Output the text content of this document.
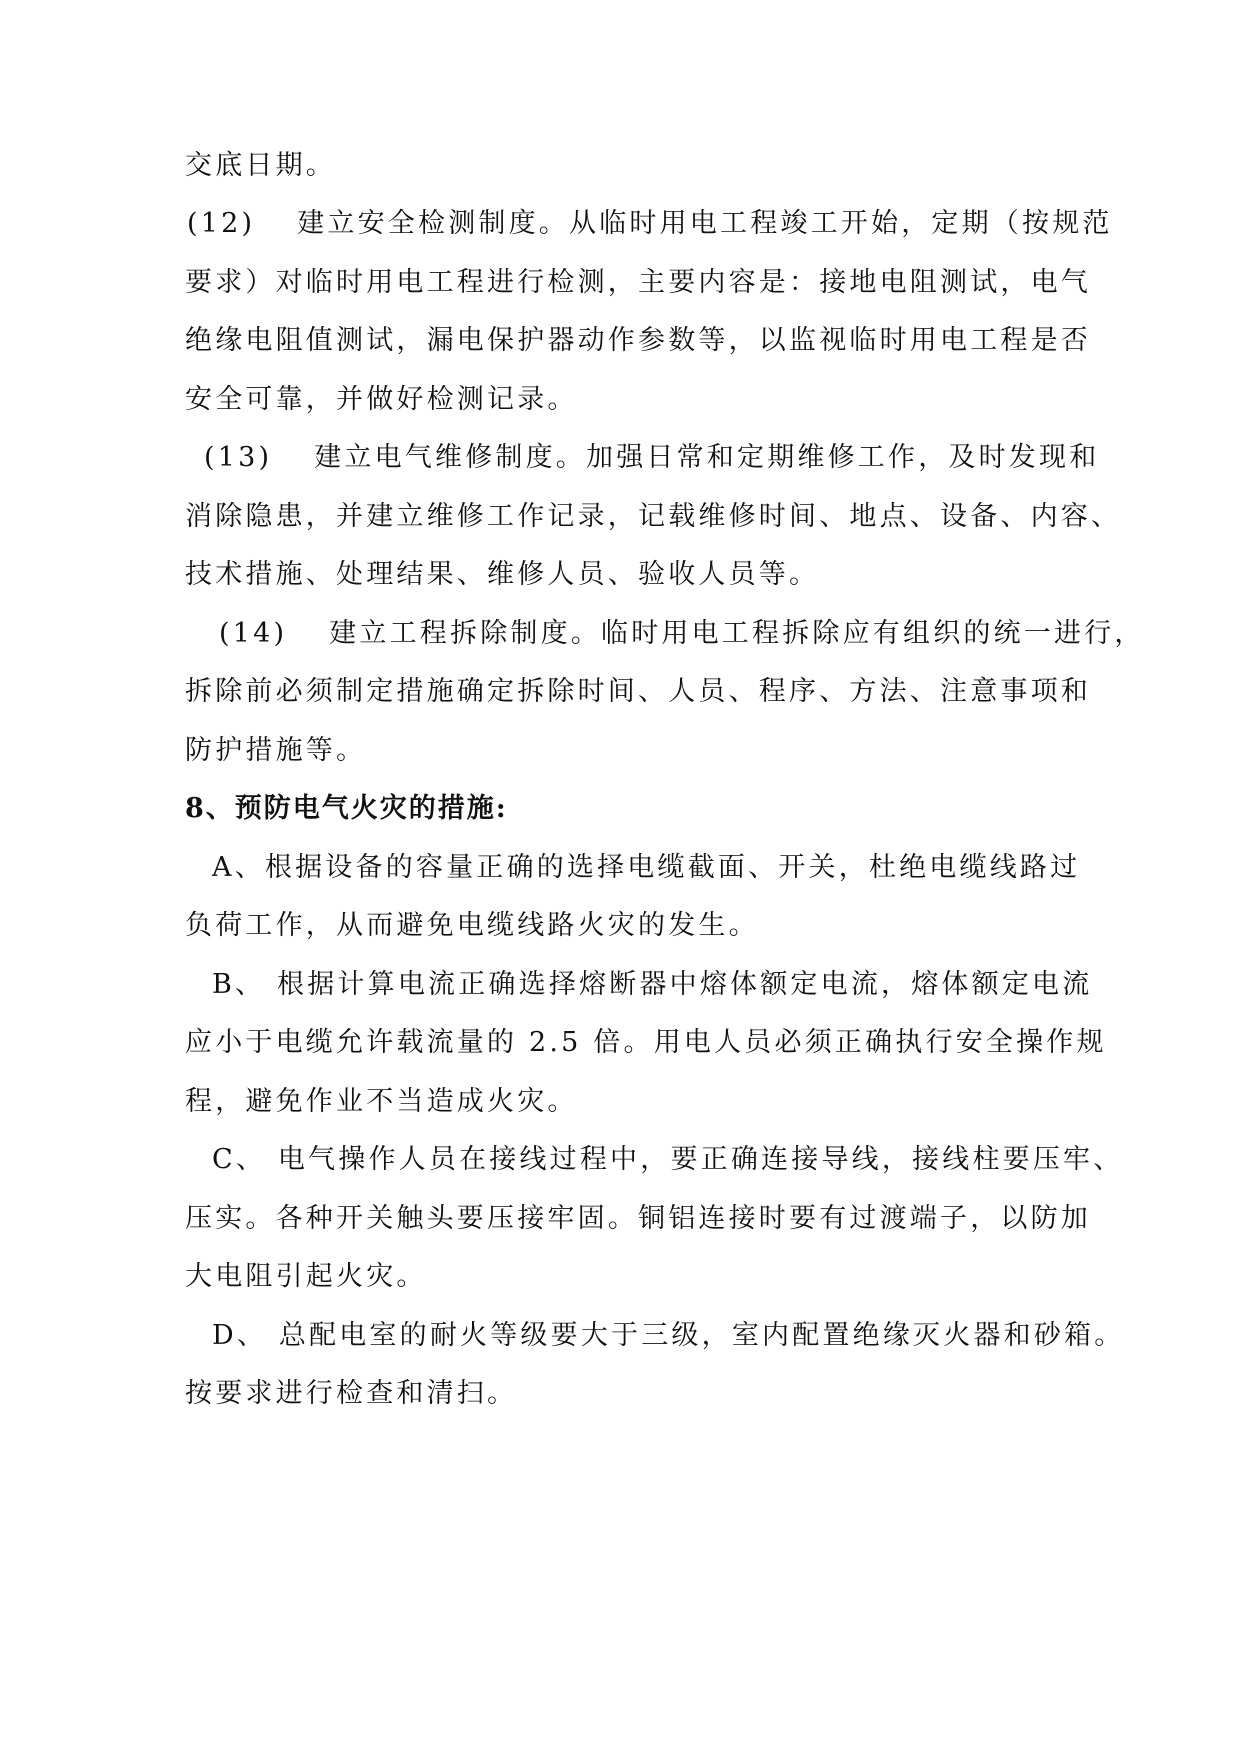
交底日期。
(12)　 建立安全检测制度。从临时用电工程竣工开始，定期（按规范
要求）对临时用电工程进行检测，主要内容是：接地电阻测试，电气
绝缘电阻值测试，漏电保护器动作参数等，以监视临时用电工程是否
安全可靠，并做好检测记录。
(13)　 建立电气维修制度。加强日常和定期维修工作，及时发现和
消除隐患，并建立维修工作记录，记载维修时间、地点、设备、内容、
技术措施、处理结果、维修人员、验收人员等。
(14)　 建立工程拆除制度。临时用电工程拆除应有组织的统一进行，
拆除前必须制定措施确定拆除时间、人员、程序、方法、注意事项和
防护措施等。
8、预防电气火灾的措施:
A、根据设备的容量正确的选择电缆截面、开关，杜绝电缆线路过
负荷工作，从而避免电缆线路火灾的发生。
B、 根据计算电流正确选择熔断器中熔体额定电流，熔体额定电流
应小于电缆允许载流量的 2.5 倍。用电人员必须正确执行安全操作规
程，避免作业不当造成火灾。
C、 电气操作人员在接线过程中，要正确连接导线，接线柱要压牢、
压实。各种开关触头要压接牢固。铜铝连接时要有过渡端子，以防加
大电阻引起火灾。
D、 总配电室的耐火等级要大于三级，室内配置绝缘灭火器和砂箱。
按要求进行检查和清扫。
